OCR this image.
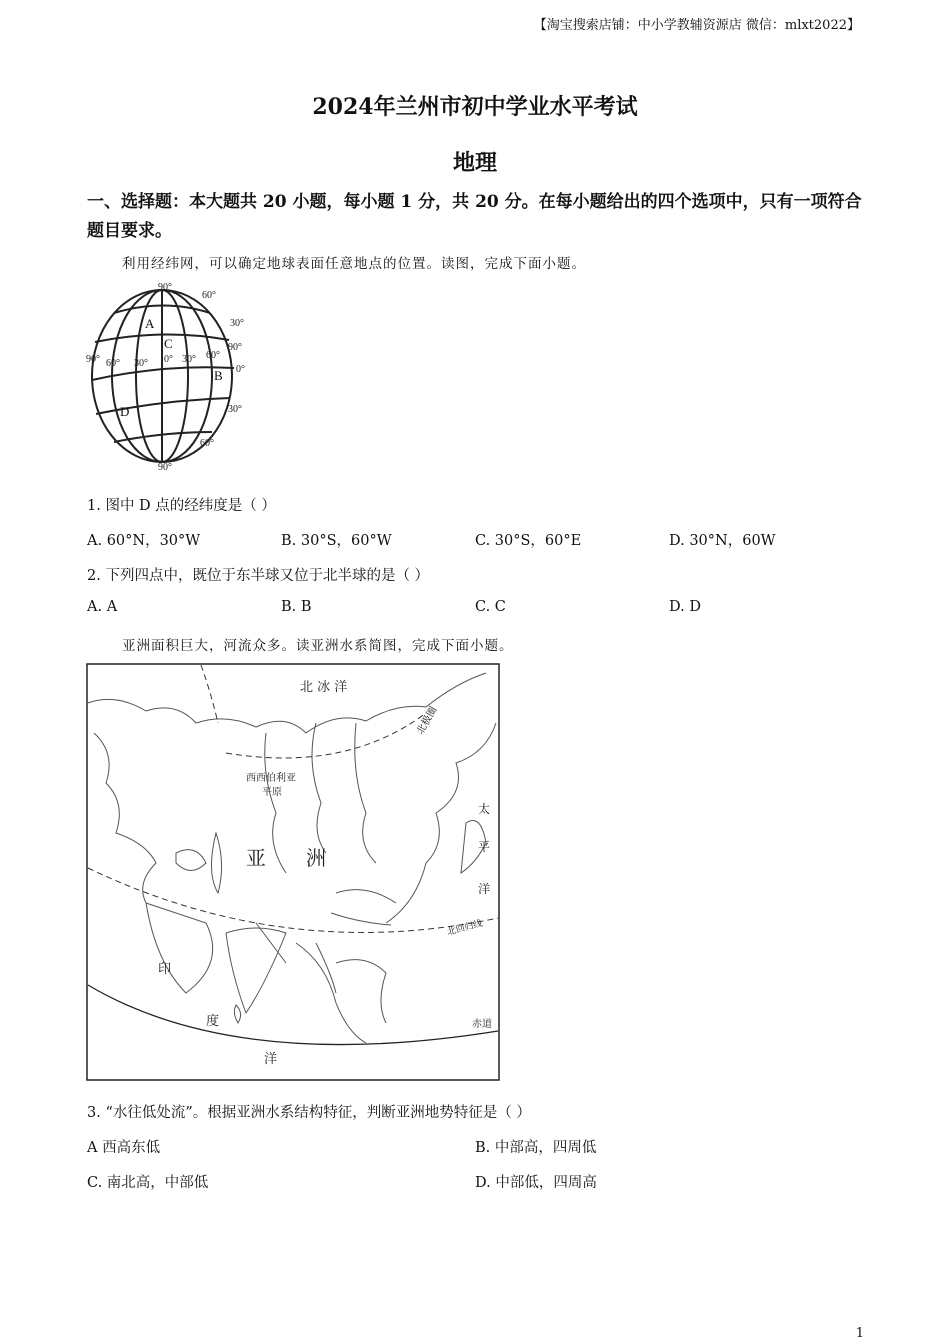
【淘宝搜索店铺：中小学教辅资源店 微信：mlxt2022】
2024年兰州市初中学业水平考试
地理
一、选择题：本大题共 20 小题，每小题 1 分，共 20 分。在每小题给出的四个选项中，只有一项符合题目要求。
利用经纬网，可以确定地球表面任意地点的位置。读图，完成下面小题。
90°
90°
60°
30°
0°
30°
60°
90° 60° 30° 0° 30° 60°
90°
A
B
C
D
1. 图中 D 点的经纬度是（ ）
A. 60°N，30°W	B. 30°S，60°W	C. 30°S，60°E	D. 30°N，60W
2. 下列四点中，既位于东半球又位于北半球的是（ ）
A. A	B. B	C. C	D. D
亚洲面积巨大，河流众多。读亚洲水系简图，完成下面小题。
北 冰 洋
北极圈
西西伯利亚
平原
亚　　洲
太
平
洋
北回归线
印
度
洋
赤道
3. “水往低处流”。根据亚洲水系结构特征，判断亚洲地势特征是（ ）
A 西高东低	B. 中部高，四周低
C. 南北高，中部低	D. 中部低，四周高
1
